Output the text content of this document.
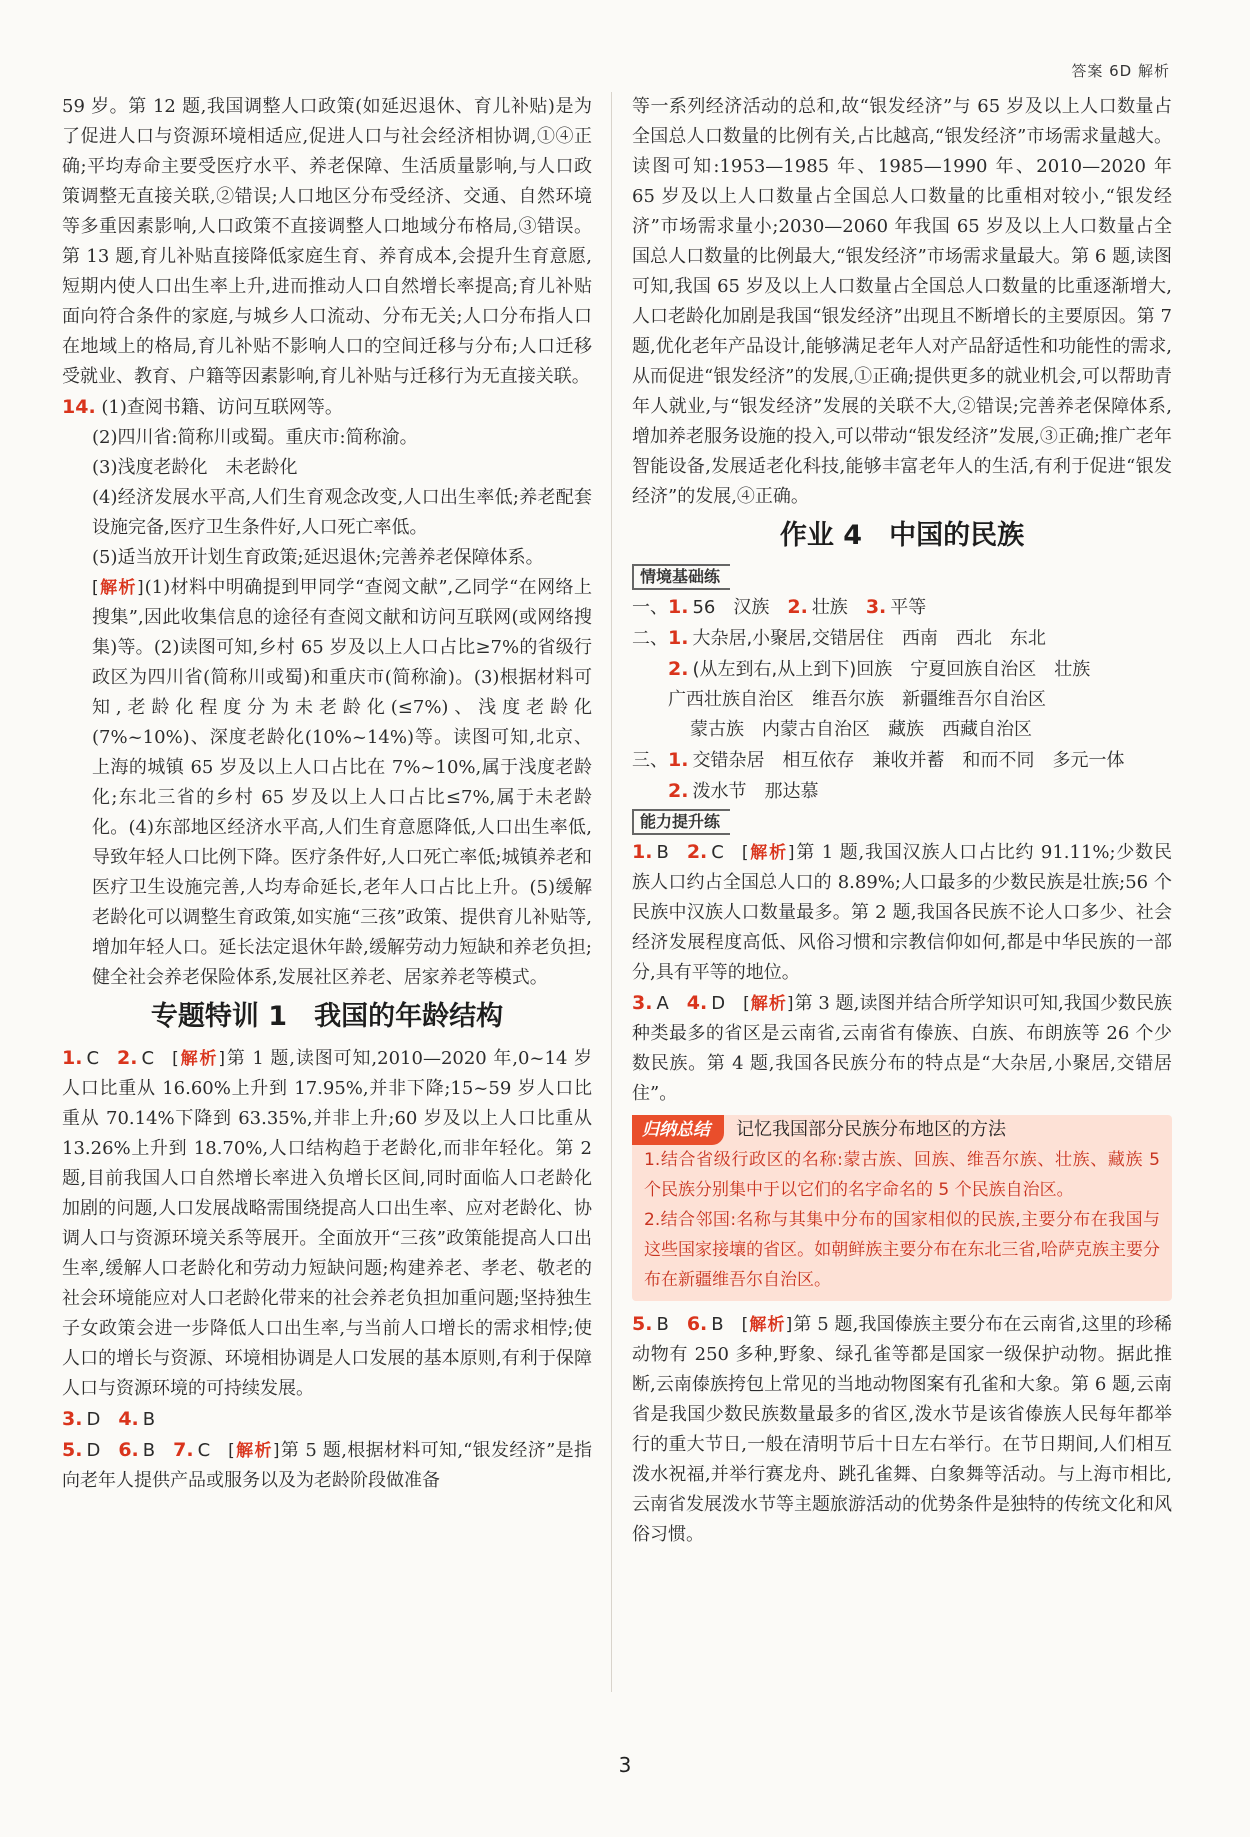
答案 6D 解析

59 岁。第 12 题,我国调整人口政策(如延迟退休、育儿补贴)是为了促进人口与资源环境相适应,促进人口与社会经济相协调,①④正确;平均寿命主要受医疗水平、养老保障、生活质量影响,与人口政策调整无直接关联,②错误;人口地区分布受经济、交通、自然环境等多重因素影响,人口政策不直接调整人口地域分布格局,③错误。第 13 题,育儿补贴直接降低家庭生育、养育成本,会提升生育意愿,短期内使人口出生率上升,进而推动人口自然增长率提高;育儿补贴面向符合条件的家庭,与城乡人口流动、分布无关;人口分布指人口在地域上的格局,育儿补贴不影响人口的空间迁移与分布;人口迁移受就业、教育、户籍等因素影响,育儿补贴与迁移行为无直接关联。

14. (1)查阅书籍、访问互联网等。

(2)四川省:简称川或蜀。重庆市:简称渝。

(3)浅度老龄化　未老龄化

(4)经济发展水平高,人们生育观念改变,人口出生率低;养老配套设施完备,医疗卫生条件好,人口死亡率低。

(5)适当放开计划生育政策;延迟退休;完善养老保障体系。

[ 解析 ] (1)材料中明确提到甲同学“查阅文献”,乙同学“在网络上搜集”,因此收集信息的途径有查阅文献和访问互联网(或网络搜集)等。(2)读图可知,乡村 65 岁及以上人口占比≥7%的省级行政区为四川省(简称川或蜀)和重庆市(简称渝)。(3)根据材料可知,老龄化程度分为未老龄化(≤7%)、浅度老龄化(7%~10%)、深度老龄化(10%~14%)等。读图可知,北京、上海的城镇 65 岁及以上人口占比在 7%~10%,属于浅度老龄化;东北三省的乡村 65 岁及以上人口占比≤7%,属于未老龄化。(4)东部地区经济水平高,人们生育意愿降低,人口出生率低,导致年轻人口比例下降。医疗条件好,人口死亡率低;城镇养老和医疗卫生设施完善,人均寿命延长,老年人口占比上升。(5)缓解老龄化可以调整生育政策,如实施“三孩”政策、提供育儿补贴等,增加年轻人口。延长法定退休年龄,缓解劳动力短缺和养老负担;健全社会养老保险体系,发展社区养老、居家养老等模式。

专题特训 1　我国的年龄结构

1. C 2. C [ 解析 ] 第 1 题,读图可知,2010—2020 年,0~14 岁人口比重从 16.60%上升到 17.95%,并非下降;15~59 岁人口比重从 70.14%下降到 63.35%,并非上升;60 岁及以上人口比重从 13.26%上升到 18.70%,人口结构趋于老龄化,而非年轻化。第 2 题,目前我国人口自然增长率进入负增长区间,同时面临人口老龄化加剧的问题,人口发展战略需围绕提高人口出生率、应对老龄化、协调人口与资源环境关系等展开。全面放开“三孩”政策能提高人口出生率,缓解人口老龄化和劳动力短缺问题;构建养老、孝老、敬老的社会环境能应对人口老龄化带来的社会养老负担加重问题;坚持独生子女政策会进一步降低人口出生率,与当前人口增长的需求相悖;使人口的增长与资源、环境相协调是人口发展的基本原则,有利于保障人口与资源环境的可持续发展。

3. D 4. B

5. D 6. B 7. C [ 解析 ] 第 5 题,根据材料可知,“银发经济”是指向老年人提供产品或服务以及为老龄阶段做准备

等一系列经济活动的总和,故“银发经济”与 65 岁及以上人口数量占全国总人口数量的比例有关,占比越高,“银发经济”市场需求量越大。读图可知:1953—1985 年、1985—1990 年、2010—2020 年 65 岁及以上人口数量占全国总人口数量的比重相对较小,“银发经济”市场需求量小;2030—2060 年我国 65 岁及以上人口数量占全国总人口数量的比例最大,“银发经济”市场需求量最大。第 6 题,读图可知,我国 65 岁及以上人口数量占全国总人口数量的比重逐渐增大,人口老龄化加剧是我国“银发经济”出现且不断增长的主要原因。第 7 题,优化老年产品设计,能够满足老年人对产品舒适性和功能性的需求,从而促进“银发经济”的发展,①正确;提供更多的就业机会,可以帮助青年人就业,与“银发经济”发展的关联不大,②错误;完善养老保障体系,增加养老服务设施的投入,可以带动“银发经济”发展,③正确;推广老年智能设备,发展适老化科技,能够丰富老年人的生活,有利于促进“银发经济”的发展,④正确。

作业 4　中国的民族
情境基础练

一、1. 56　汉族 2. 壮族 3. 平等

二、1. 大杂居,小聚居,交错居住　西南　西北　东北

2. (从左到右,从上到下)回族　宁夏回族自治区　壮族

广西壮族自治区　维吾尔族　新疆维吾尔自治区

蒙古族　内蒙古自治区　藏族　西藏自治区

三、1. 交错杂居　相互依存　兼收并蓄　和而不同　多元一体

2. 泼水节　那达慕

能力提升练

1. B 2. C [ 解析 ] 第 1 题,我国汉族人口占比约 91.11%;少数民族人口约占全国总人口的 8.89%;人口最多的少数民族是壮族;56 个民族中汉族人口数量最多。第 2 题,我国各民族不论人口多少、社会经济发展程度高低、风俗习惯和宗教信仰如何,都是中华民族的一部分,具有平等的地位。

3. A 4. D [ 解析 ] 第 3 题,读图并结合所学知识可知,我国少数民族种类最多的省区是云南省,云南省有傣族、白族、布朗族等 26 个少数民族。第 4 题,我国各民族分布的特点是“大杂居,小聚居,交错居住”。

归纳总结	记忆我国部分民族分布地区的方法

1.结合省级行政区的名称:蒙古族、回族、维吾尔族、壮族、藏族 5 个民族分别集中于以它们的名字命名的 5 个民族自治区。

2.结合邻国:名称与其集中分布的国家相似的民族,主要分布在我国与这些国家接壤的省区。如朝鲜族主要分布在东北三省,哈萨克族主要分布在新疆维吾尔自治区。

5. B 6. B [ 解析 ] 第 5 题,我国傣族主要分布在云南省,这里的珍稀动物有 250 多种,野象、绿孔雀等都是国家一级保护动物。据此推断,云南傣族挎包上常见的当地动物图案有孔雀和大象。第 6 题,云南省是我国少数民族数量最多的省区,泼水节是该省傣族人民每年都举行的重大节日,一般在清明节后十日左右举行。在节日期间,人们相互泼水祝福,并举行赛龙舟、跳孔雀舞、白象舞等活动。与上海市相比,云南省发展泼水节等主题旅游活动的优势条件是独特的传统文化和风俗习惯。

3
